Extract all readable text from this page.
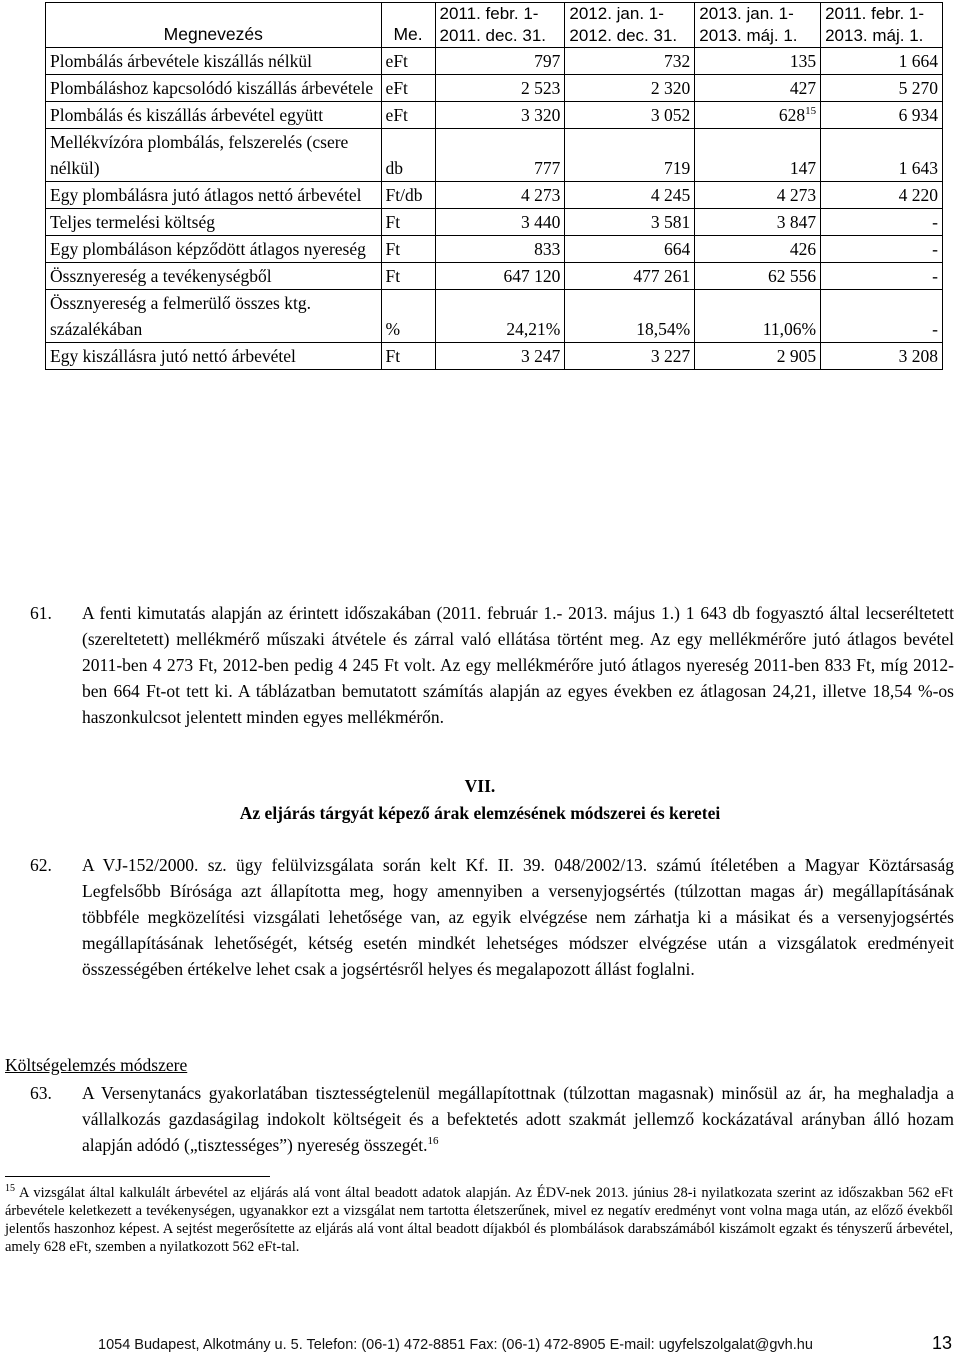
Megnevezés	Me.	2011. febr. 1- 2011. dec. 31.	2012. jan. 1- 2012. dec. 31.	2013. jan. 1- 2013. máj. 1.	2011. febr. 1- 2013. máj. 1.
Plombálás árbevétele kiszállás nélkül	eFt	797	732	135	1 664
Plombáláshoz kapcsolódó kiszállás árbevétele	eFt	2 523	2 320	427	5 270
Plombálás és kiszállás árbevétel együtt	eFt	3 320	3 052	$628^{15}$	6 934
Mellékvízóra plombálás, felszerelés (csere nélkül)	db	777	719	147	1 643
Egy plombálásra jutó átlagos nettó árbevétel	Ft/db	4 273	4 245	4 273	4 220
Teljes termelési költség	Ft	3 440	3 581	3 847	-
Egy plombáláson képződött átlagos nyereség	Ft	833	664	426	-
Össznyereség a tevékenységből	Ft	647 120	477 261	62 556	-
Össznyereség a felmerülő összes ktg. százalékában	%	24,21%	18,54%	11,06%	-
Egy kiszállásra jutó nettó árbevétel	Ft	3 247	3 227	2 905	3 208
61. A fenti kimutatás alapján az érintett időszakában (2011. február 1.- 2013. május 1.) 1 643 db fogyasztó által lecseréltetett (szereltetett) mellékmérő műszaki átvétele és zárral való ellátása történt meg. Az egy mellékmérőre jutó átlagos bevétel 2011-ben 4 273 Ft, 2012-ben pedig 4 245 Ft volt. Az egy mellékmérőre jutó átlagos nyereség 2011-ben 833 Ft, míg 2012-ben 664 Ft-ot tett ki. A táblázatban bemutatott számítás alapján az egyes években ez átlagosan 24,21, illetve 18,54 %-os haszonkulcsot jelentett minden egyes mellékmérőn.
VII.
Az eljárás tárgyát képező árak elemzésének módszerei és keretei
62. A VJ-152/2000. sz. ügy felülvizsgálata során kelt Kf. II. 39. 048/2002/13. számú ítéletében a Magyar Köztársaság Legfelsőbb Bírósága azt állapította meg, hogy amennyiben a versenyjogsértés (túlzottan magas ár) megállapításának többféle megközelítési vizsgálati lehetősége van, az egyik elvégzése nem zárhatja ki a másikat és a versenyjogsértés megállapításának lehetőségét, kétség esetén mindkét lehetséges módszer elvégzése után a vizsgálatok eredményeit összességében értékelve lehet csak a jogsértésről helyes és megalapozott állást foglalni.
Költségelemzés módszere
63. A Versenytanács gyakorlatában tisztességtelenül megállapítottnak (túlzottan magasnak) minősül az ár, ha meghaladja a vállalkozás gazdaságilag indokolt költségeit és a befektetés adott szakmát jellemző kockázatával arányban álló hozam alapján adódó („tisztességes”) nyereség összegét.$^{16}$
$^{15}$ A vizsgálat által kalkulált árbevétel az eljárás alá vont által beadott adatok alapján. Az ÉDV-nek 2013. június 28-i nyilatkozata szerint az időszakban 562 eFt árbevétele keletkezett a tevékenységen, ugyanakkor ezt a vizsgálat nem tartotta életszerűnek, mivel ez negatív eredményt vont volna maga után, az előző évekből jelentős haszonhoz képest. A sejtést megerősítette az eljárás alá vont által beadott díjakból és plombálások darabszámából kiszámolt egzakt és tényszerű árbevétel, amely 628 eFt, szemben a nyilatkozott 562 eFt-tal.
1054 Budapest, Alkotmány u. 5. Telefon: (06-1) 472-8851 Fax: (06-1) 472-8905 E-mail: ugyfelszolgalat@gvh.hu	13
